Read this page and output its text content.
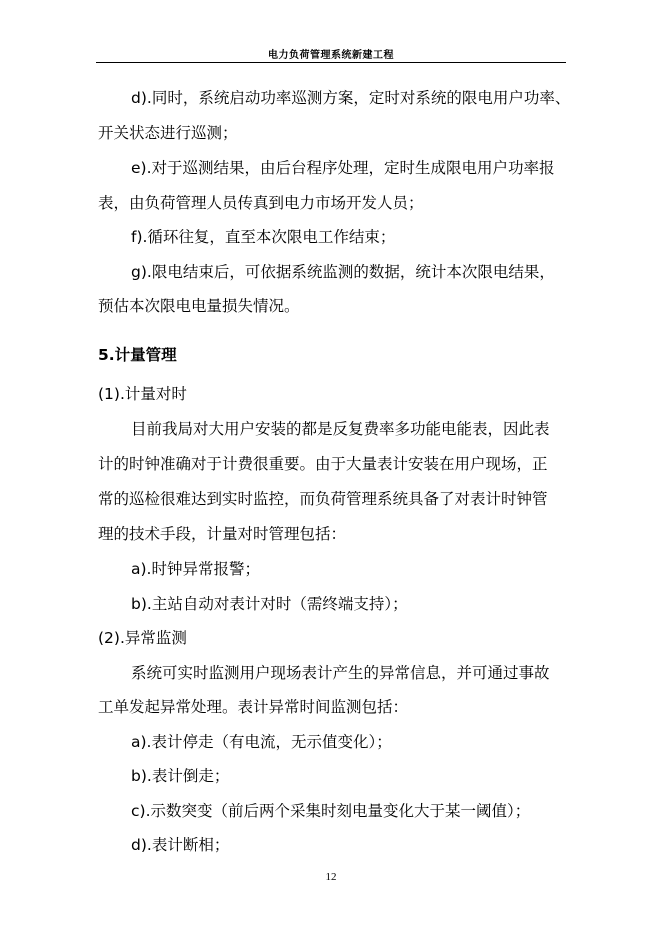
电力负荷管理系统新建工程
d).同时，系统启动功率巡测方案，定时对系统的限电用户功率、
开关状态进行巡测；
e).对于巡测结果，由后台程序处理，定时生成限电用户功率报
表，由负荷管理人员传真到电力市场开发人员；
f).循环往复，直至本次限电工作结束；
g).限电结束后，可依据系统监测的数据，统计本次限电结果，
预估本次限电电量损失情况。
5.计量管理
(1).计量对时
目前我局对大用户安装的都是反复费率多功能电能表，因此表
计的时钟准确对于计费很重要。由于大量表计安装在用户现场，正
常的巡检很难达到实时监控，而负荷管理系统具备了对表计时钟管
理的技术手段，计量对时管理包括：
a).时钟异常报警；
b).主站自动对表计对时（需终端支持）；
(2).异常监测
系统可实时监测用户现场表计产生的异常信息，并可通过事故
工单发起异常处理。表计异常时间监测包括：
a).表计停走（有电流，无示值变化）；
b).表计倒走；
c).示数突变（前后两个采集时刻电量变化大于某一阈值）；
d).表计断相；
12
